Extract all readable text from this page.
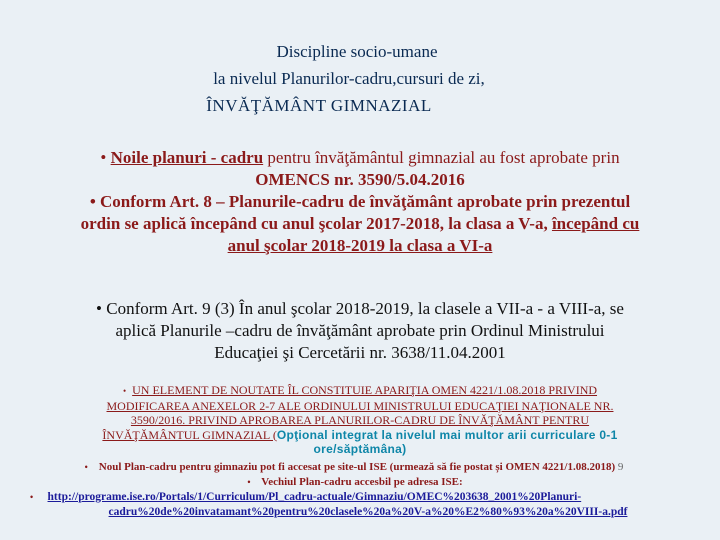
Discipline socio-umane
la nivelul Planurilor-cadru,cursuri de zi,
ÎNVĂŢĂMÂNT GIMNAZIAL
• Noile planuri - cadru pentru învăţământul gimnazial au fost aprobate prin
OMENCS nr. 3590/5.04.2016
• Conform Art. 8 – Planurile-cadru de învăţământ aprobate prin prezentul
ordin se aplică începând cu anul şcolar 2017-2018, la clasa a V-a, începând cu
anul şcolar 2018-2019 la clasa a VI-a
• Conform Art. 9 (3) În anul şcolar 2018-2019, la clasele a VII-a - a VIII-a, se
aplică Planurile –cadru de învăţământ aprobate prin Ordinul Ministrului
Educaţiei şi Cercetării nr. 3638/11.04.2001
• UN ELEMENT DE NOUTATE ÎL CONSTITUIE APARIŢIA OMEN 4221/1.08.2018 PRIVIND
MODIFICAREA ANEXELOR 2-7 ALE ORDINULUI MINISTRULUI EDUCAŢIEI NAŢIONALE NR.
3590/2016. PRIVIND APROBAREA PLANURILOR-CADRU DE ÎNVĂŢĂMÂNT PENTRU
ÎNVĂŢĂMÂNTUL GIMNAZIAL (Opţional integrat la nivelul mai multor arii curriculare 0-1
ore/săptămâna)
• Noul Plan-cadru pentru gimnaziu pot fi accesat pe site-ul ISE (urmează să fie postat și OMEN 4221/1.08.2018) 9
• Vechiul Plan-cadru accesbil pe adresa ISE:
• http://programe.ise.ro/Portals/1/Curriculum/Pl_cadru-actuale/Gimnaziu/OMEC%203638_2001%20Planuri-
cadru%20de%20invatamant%20pentru%20clasele%20a%20V-a%20%E2%80%93%20a%20VIII-a.pdf
